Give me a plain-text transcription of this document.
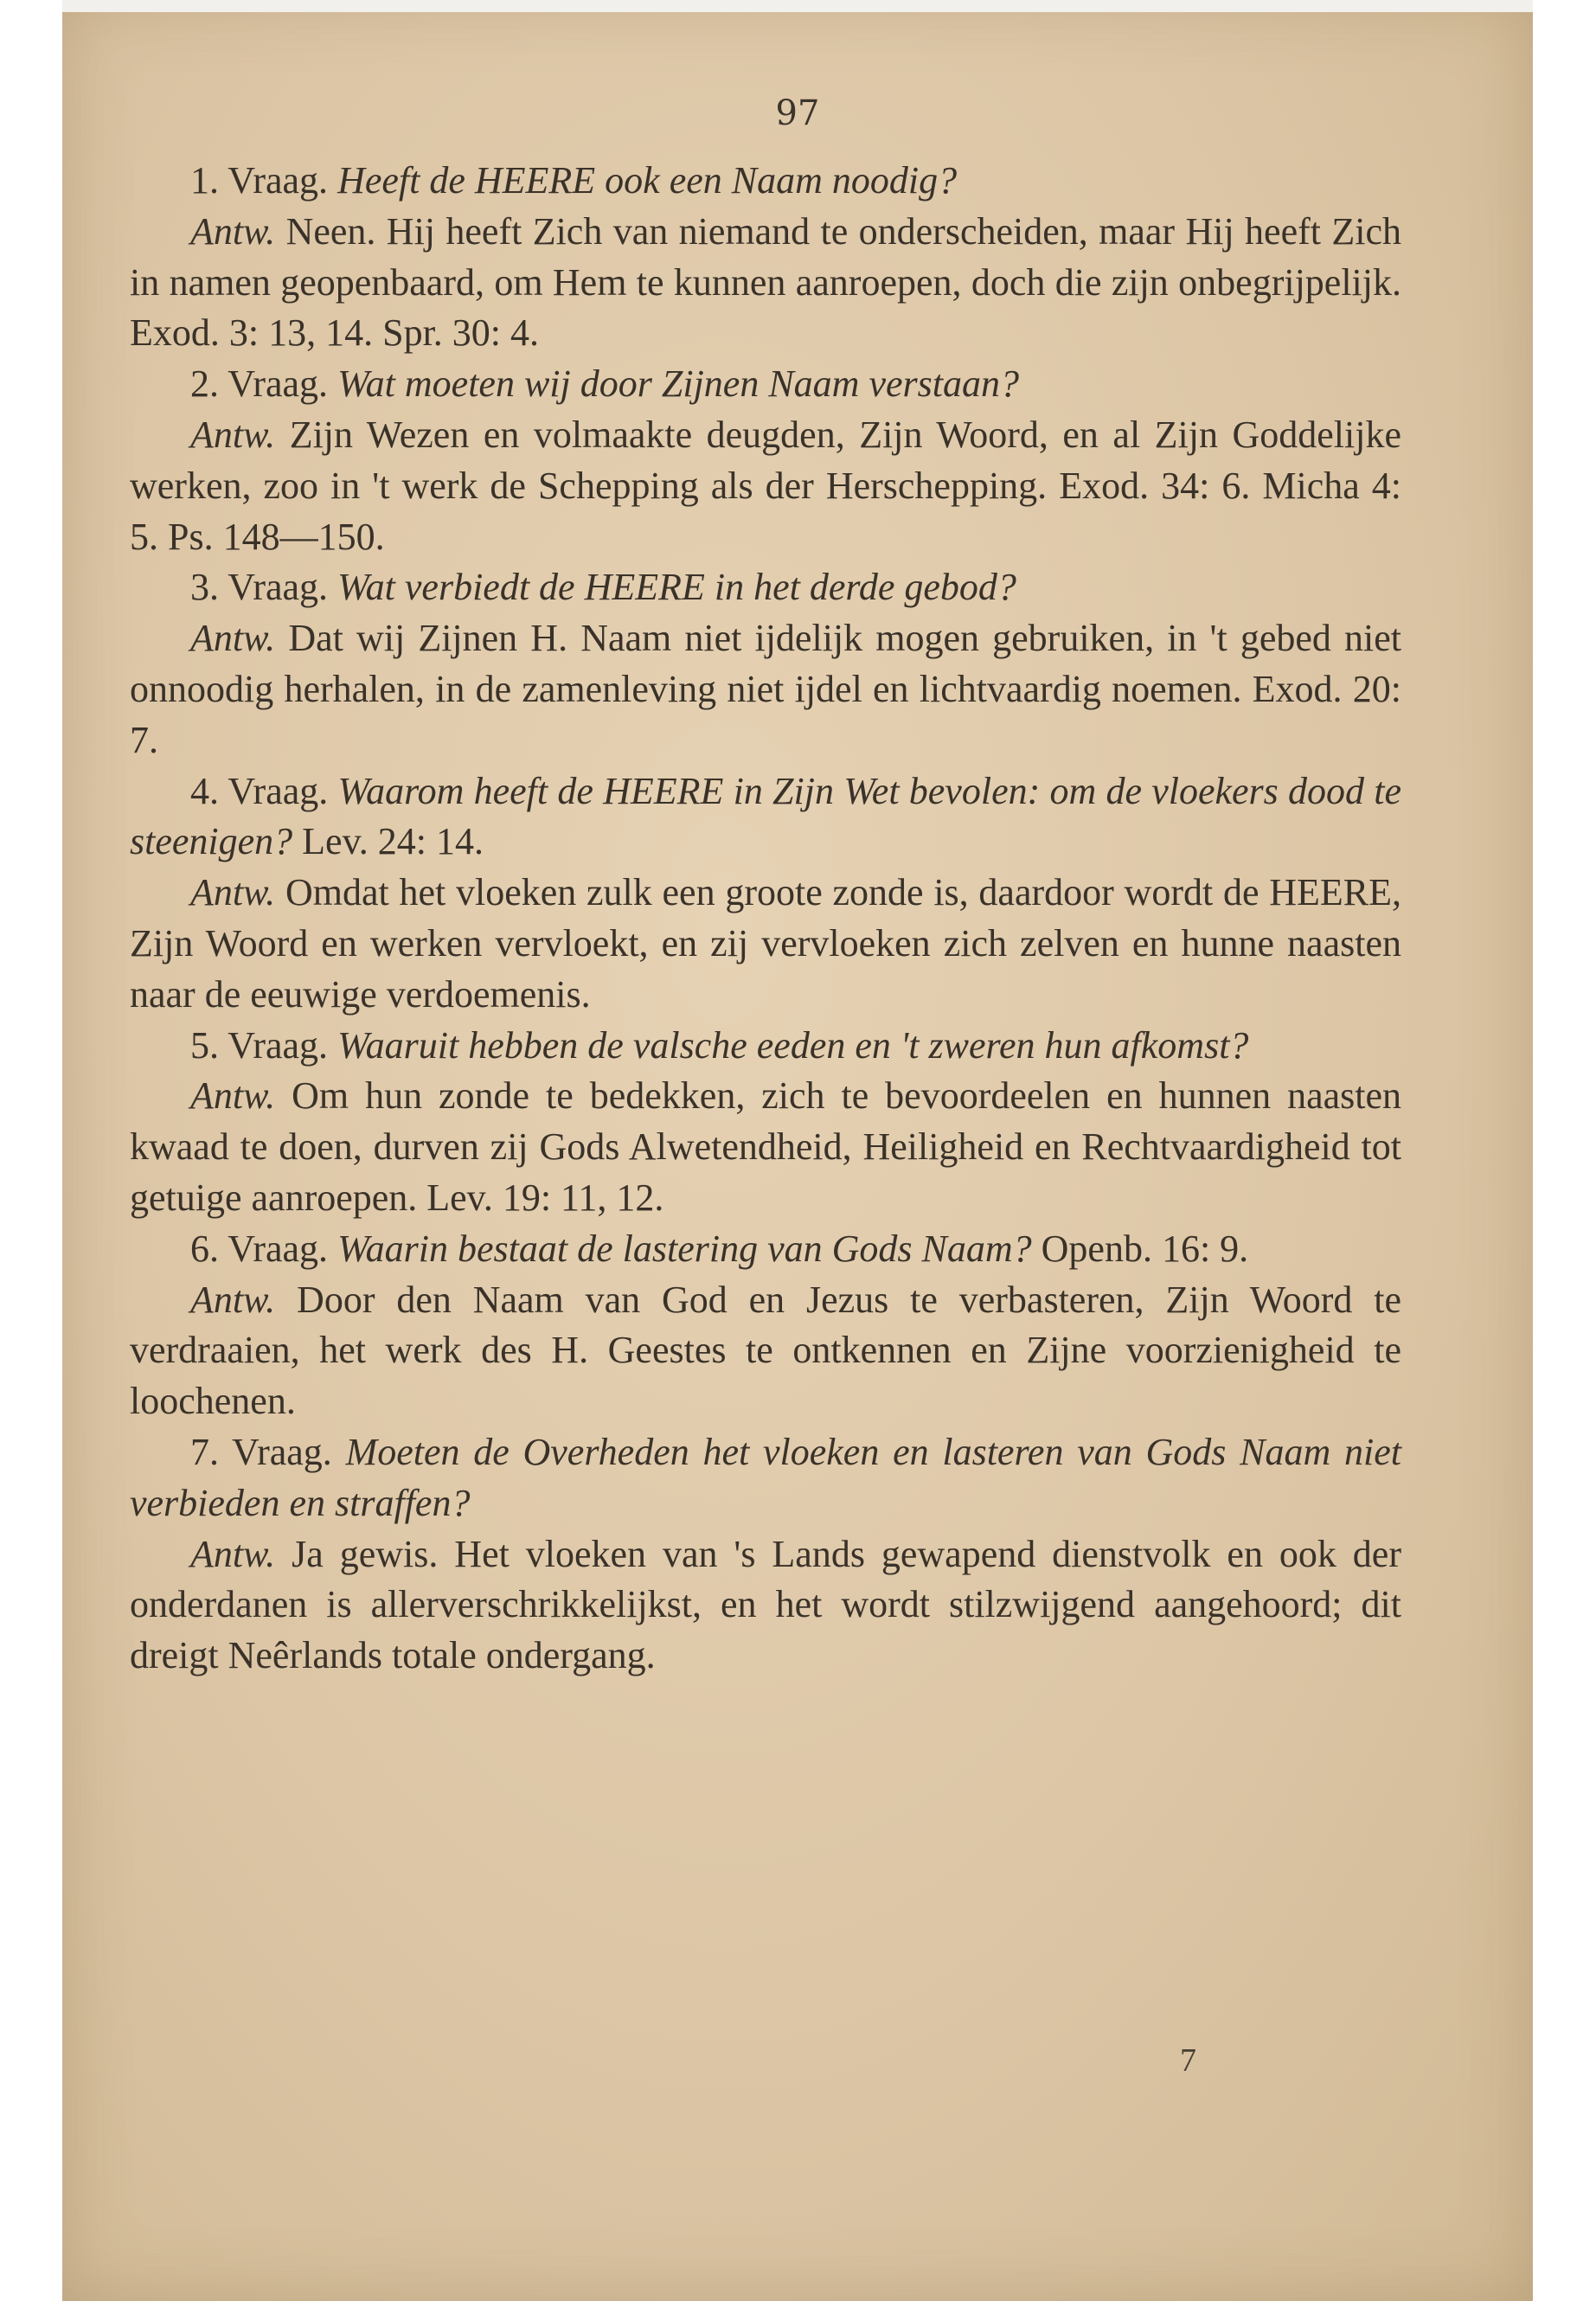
97

1. Vraag. Heeft de HEERE ook een Naam noodig?

Antw. Neen. Hij heeft Zich van niemand te onderscheiden, maar Hij heeft Zich in namen geopenbaard, om Hem te kunnen aanroepen, doch die zijn onbegrijpelijk. Exod. 3: 13, 14. Spr. 30: 4.

2. Vraag. Wat moeten wij door Zijnen Naam verstaan?

Antw. Zijn Wezen en volmaakte deugden, Zijn Woord, en al Zijn Goddelijke werken, zoo in 't werk de Schepping als der Herschepping. Exod. 34: 6. Micha 4: 5. Ps. 148—150.

3. Vraag. Wat verbiedt de HEERE in het derde gebod?

Antw. Dat wij Zijnen H. Naam niet ijdelijk mogen gebruiken, in 't gebed niet onnoodig herhalen, in de zamenleving niet ijdel en lichtvaardig noemen. Exod. 20: 7.

4. Vraag. Waarom heeft de HEERE in Zijn Wet bevolen: om de vloekers dood te steenigen? Lev. 24: 14.

Antw. Omdat het vloeken zulk een groote zonde is, daardoor wordt de HEERE, Zijn Woord en werken vervloekt, en zij vervloeken zich zelven en hunne naasten naar de eeuwige verdoemenis.

5. Vraag. Waaruit hebben de valsche eeden en 't zweren hun afkomst?

Antw. Om hun zonde te bedekken, zich te bevoordeelen en hunnen naasten kwaad te doen, durven zij Gods Alwetendheid, Heiligheid en Rechtvaardigheid tot getuige aanroepen. Lev. 19: 11, 12.

6. Vraag. Waarin bestaat de lastering van Gods Naam? Openb. 16: 9.

Antw. Door den Naam van God en Jezus te verbasteren, Zijn Woord te verdraaien, het werk des H. Geestes te ontkennen en Zijne voorzienigheid te loochenen.

7. Vraag. Moeten de Overheden het vloeken en lasteren van Gods Naam niet verbieden en straffen?

Antw. Ja gewis. Het vloeken van 's Lands gewapend dienstvolk en ook der onderdanen is allerverschrikkelijkst, en het wordt stilzwijgend aangehoord; dit dreigt Neêrlands totale ondergang.

7
